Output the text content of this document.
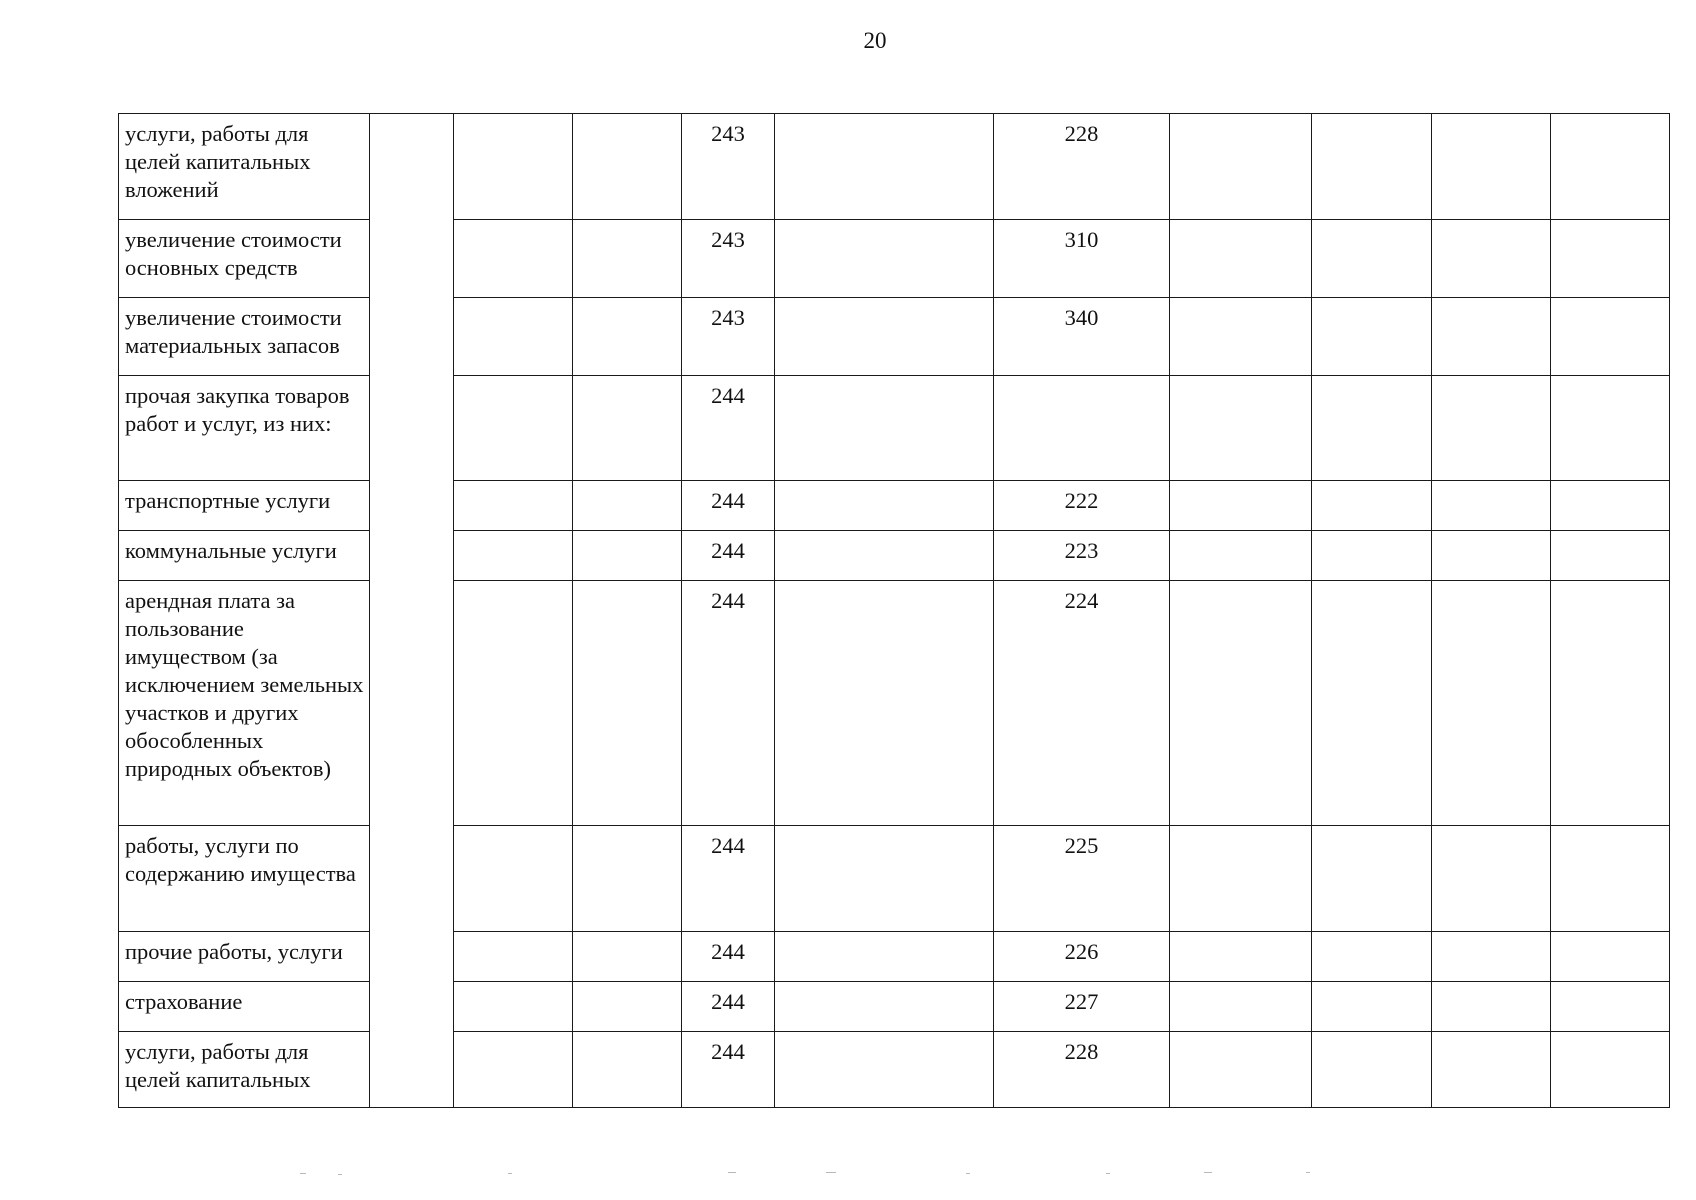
20
услуги, работы для целей капитальных вложений				243		228				
увеличение стоимости основных средств				243		310				
увеличение стоимости материальных запасов				243		340				
прочая закупка товаров работ и услуг, из них:				244						
транспортные услуги				244		222				
коммунальные услуги				244		223				
арендная плата за пользование имуществом (за исключением земельных участков и других обособленных природных объектов)				244		224				
работы, услуги по содержанию имущества				244		225				
прочие работы, услуги				244		226				
страхование				244		227				
услуги, работы для целей капитальных				244		228				
